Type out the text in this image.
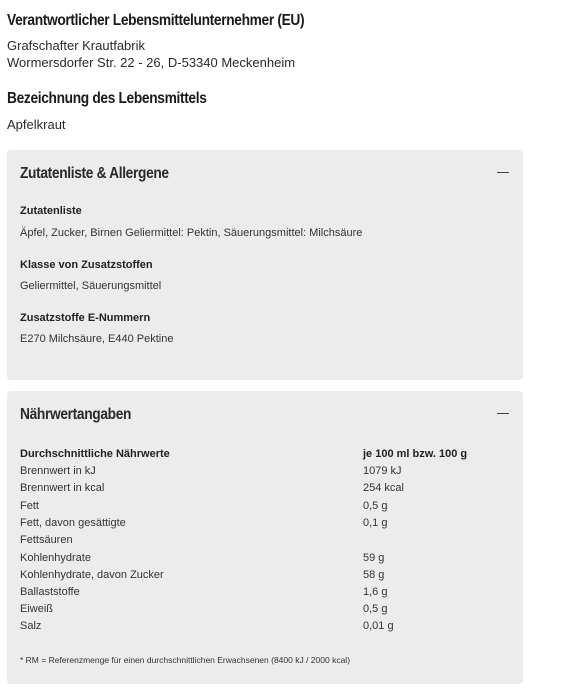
Verantwortlicher Lebensmittelunternehmer (EU)
Grafschafter Krautfabrik
Wormersdorfer Str. 22 - 26, D-53340 Meckenheim
Bezeichnung des Lebensmittels
Apfelkraut
Zutatenliste & Allergene
Zutatenliste
Äpfel, Zucker, Birnen Geliermittel: Pektin, Säuerungsmittel: Milchsäure
Klasse von Zusatzstoffen
Geliermittel, Säuerungsmittel
Zusatzstoffe E-Nummern
E270 Milchsäure, E440 Pektine
Nährwertangaben
Durchschnittliche Nährwerte	je 100 ml bzw. 100 g
Brennwert in kJ	1079 kJ
Brennwert in kcal	254 kcal
Fett	0,5 g
Fett, davon gesättigte	0,1 g
Fettsäuren
Kohlenhydrate	59 g
Kohlenhydrate, davon Zucker	58 g
Ballaststoffe	1,6 g
Eiweiß	0,5 g
Salz	0,01 g
* RM = Referenzmenge für einen durchschnittlichen Erwachsenen (8400 kJ / 2000 kcal)
